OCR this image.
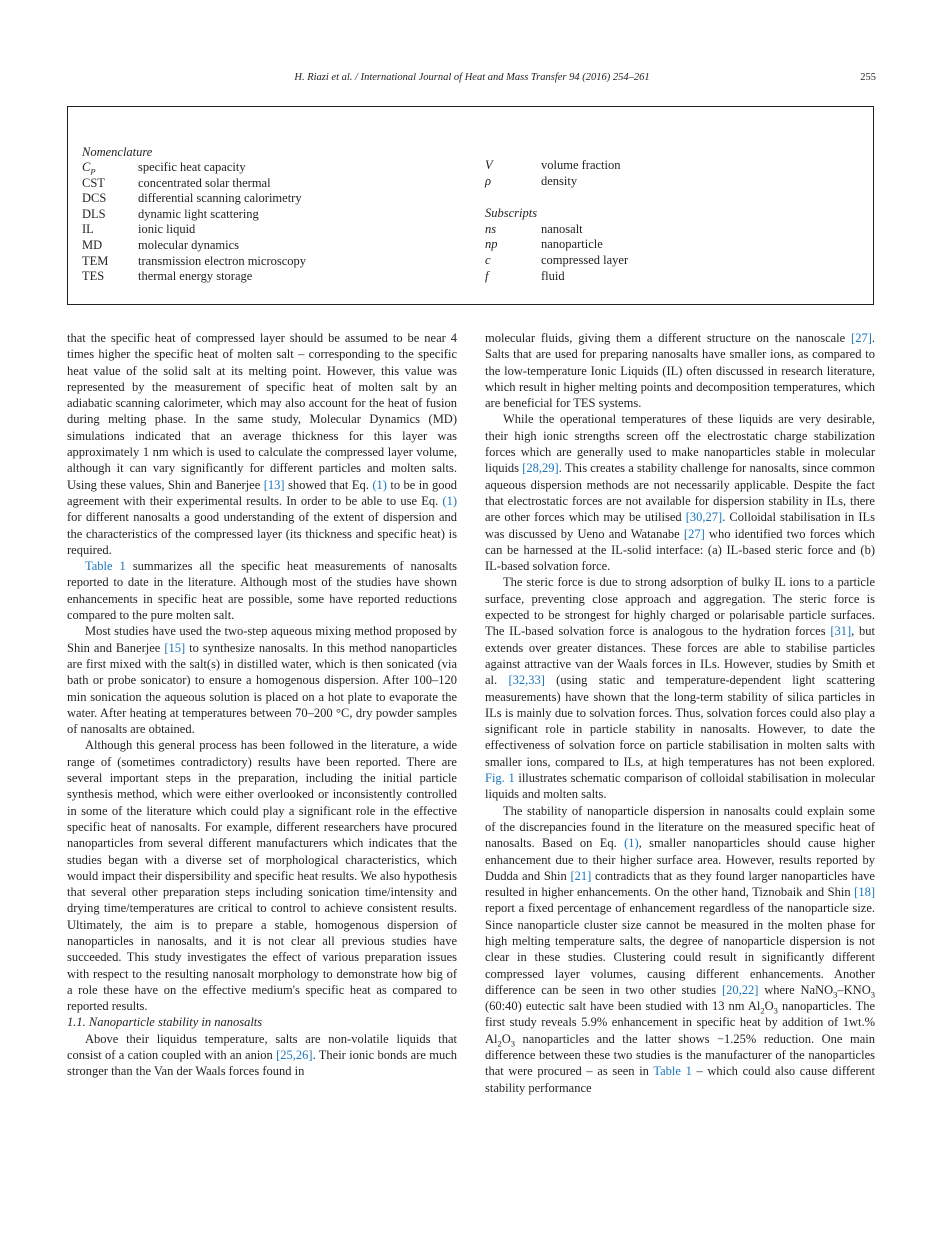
H. Riazi et al. / International Journal of Heat and Mass Transfer 94 (2016) 254–261	255
Nomenclature
$C_P$	specific heat capacity
CST	concentrated solar thermal
DCS	differential scanning calorimetry
DLS	dynamic light scattering
IL	ionic liquid
MD	molecular dynamics
TEM transmission electron microscopy
TES	thermal energy storage
V	volume fraction
ρ	density
Subscripts
ns	nanosalt
np	nanoparticle
c	compressed layer
f	fluid

that the specific heat of compressed layer should be assumed to be near 4 times higher the specific heat of molten salt – corresponding to the specific heat value of the solid salt at its melting point. However, this value was represented by the measurement of specific heat of molten salt by an adiabatic scanning calorimeter, which may also account for the heat of fusion during melting phase. In the same study, Molecular Dynamics (MD) simulations indicated that an average thickness for this layer was approximately 1 nm which is used to calculate the compressed layer volume, although it can vary significantly for different particles and molten salts. Using these values, Shin and Banerjee [13] showed that Eq. (1) to be in good agreement with their experimental results. In order to be able to use Eq. (1) for different nanosalts a good understanding of the extent of dispersion and the characteristics of the compressed layer (its thickness and specific heat) is required.

Table 1 summarizes all the specific heat measurements of nanosalts reported to date in the literature. Although most of the studies have shown enhancements in specific heat are possible, some have reported reductions compared to the pure molten salt.

Most studies have used the two-step aqueous mixing method proposed by Shin and Banerjee [15] to synthesize nanosalts. In this method nanoparticles are first mixed with the salt(s) in distilled water, which is then sonicated (via bath or probe sonicator) to ensure a homogenous dispersion. After 100–120 min sonication the aqueous solution is placed on a hot plate to evaporate the water. After heating at temperatures between 70–200 °C, dry powder samples of nanosalts are obtained.

Although this general process has been followed in the literature, a wide range of (sometimes contradictory) results have been reported. There are several important steps in the preparation, including the initial particle synthesis method, which were either overlooked or inconsistently controlled in some of the literature which could play a significant role in the effective specific heat of nanosalts. For example, different researchers have procured nanoparticles from several different manufacturers which indicates that the studies began with a diverse set of morphological characteristics, which would impact their dispersibility and specific heat results. We also hypothesis that several other preparation steps including sonication time/intensity and drying time/temperatures are critical to control to achieve consistent results. Ultimately, the aim is to prepare a stable, homogenous dispersion of nanoparticles in nanosalts, and it is not clear all previous studies have succeeded. This study investigates the effect of various preparation issues with respect to the resulting nanosalt morphology to demonstrate how big of a role these have on the effective medium's specific heat as compared to reported results.

1.1. Nanoparticle stability in nanosalts

Above their liquidus temperature, salts are non-volatile liquids that consist of a cation coupled with an anion [25,26]. Their ionic bonds are much stronger than the Van der Waals forces found in

molecular fluids, giving them a different structure on the nanoscale [27]. Salts that are used for preparing nanosalts have smaller ions, as compared to the low-temperature Ionic Liquids (IL) often discussed in research literature, which result in higher melting points and decomposition temperatures, which are beneficial for TES systems.

While the operational temperatures of these liquids are very desirable, their high ionic strengths screen off the electrostatic charge stabilization forces which are generally used to make nanoparticles stable in molecular liquids [28,29]. This creates a stability challenge for nanosalts, since common aqueous dispersion methods are not necessarily applicable. Despite the fact that electrostatic forces are not available for dispersion stability in ILs, there are other forces which may be utilised [30,27]. Colloidal stabilisation in ILs was discussed by Ueno and Watanabe [27] who identified two forces which can be harnessed at the IL-solid interface: (a) IL-based steric force and (b) IL-based solvation force.

The steric force is due to strong adsorption of bulky IL ions to a particle surface, preventing close approach and aggregation. The steric force is expected to be strongest for highly charged or polarisable particle surfaces. The IL-based solvation force is analogous to the hydration forces [31], but extends over greater distances. These forces are able to stabilise particles against attractive van der Waals forces in ILs. However, studies by Smith et al. [32,33] (using static and temperature-dependent light scattering measurements) have shown that the long-term stability of silica particles in ILs is mainly due to solvation forces. Thus, solvation forces could also play a significant role in particle stability in nanosalts. However, to date the effectiveness of solvation force on particle stabilisation in molten salts with smaller ions, compared to ILs, at high temperatures has not been explored. Fig. 1 illustrates schematic comparison of colloidal stabilisation in molecular liquids and molten salts.

The stability of nanoparticle dispersion in nanosalts could explain some of the discrepancies found in the literature on the measured specific heat of nanosalts. Based on Eq. (1), smaller nanoparticles should cause higher enhancement due to their higher surface area. However, results reported by Dudda and Shin [21] contradicts that as they found larger nanoparticles have resulted in higher enhancements. On the other hand, Tiznobaik and Shin [18] report a fixed percentage of enhancement regardless of the nanoparticle size. Since nanoparticle cluster size cannot be measured in the molten phase for high melting temperature salts, the degree of nanoparticle dispersion is not clear in these studies. Clustering could result in significantly different compressed layer volumes, causing different enhancements. Another difference can be seen in two other studies [20,22] where $NaNO_3-KNO_3$ (60:40) eutectic salt have been studied with 13 nm $Al_2O_3$ nanoparticles. The first study reveals 5.9% enhancement in specific heat by addition of 1wt.% $Al_2O_3$ nanoparticles and the latter shows −1.25% reduction. One main difference between these two studies is the manufacturer of the nanoparticles that were procured – as seen in Table 1 – which could also cause different stability performance
